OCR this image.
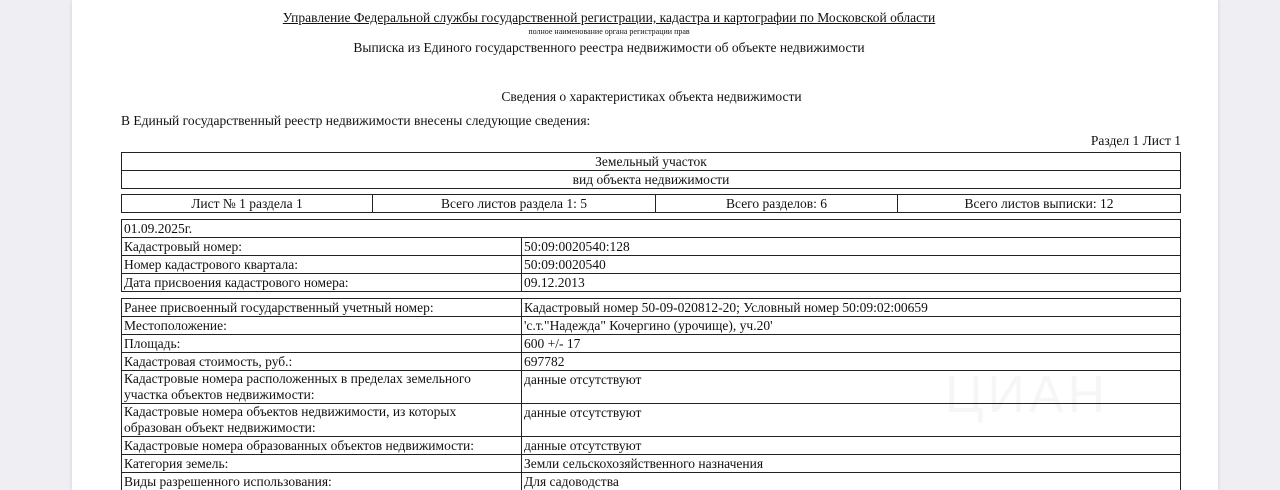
Управление Федеральной службы государственной регистрации, кадастра и картографии по Московской области
полное наименование органа регистрации прав
Выписка из Единого государственного реестра недвижимости об объекте недвижимости
Сведения о характеристиках объекта недвижимости
В Единый государственный реестр недвижимости внесены следующие сведения:
Раздел 1 Лист 1
Земельный участок
вид объекта недвижимости
Лист № 1 раздела 1	Всего листов раздела 1: 5	Всего разделов: 6	Всего листов выписки: 12
01.09.2025г.
Кадастровый номер:	50:09:0020540:128
Номер кадастрового квартала:	50:09:0020540
Дата присвоения кадастрового номера:	09.12.2013
Ранее присвоенный государственный учетный номер:	Кадастровый номер 50-09-020812-20; Условный номер 50:09:02:00659
Местоположение:	'с.т."Надежда" Кочергино (урочище), уч.20'
Площадь:	600 +/- 17
Кадастровая стоимость, руб.:	697782
Кадастровые номера расположенных в пределах земельного участка объектов недвижимости:
данные отсутствуют
Кадастровые номера объектов недвижимости, из которых образован объект недвижимости:
данные отсутствуют
Кадастровые номера образованных объектов недвижимости:	данные отсутствуют
Категория земель:	Земли сельскохозяйственного назначения
Виды разрешенного использования:	Для садоводства
